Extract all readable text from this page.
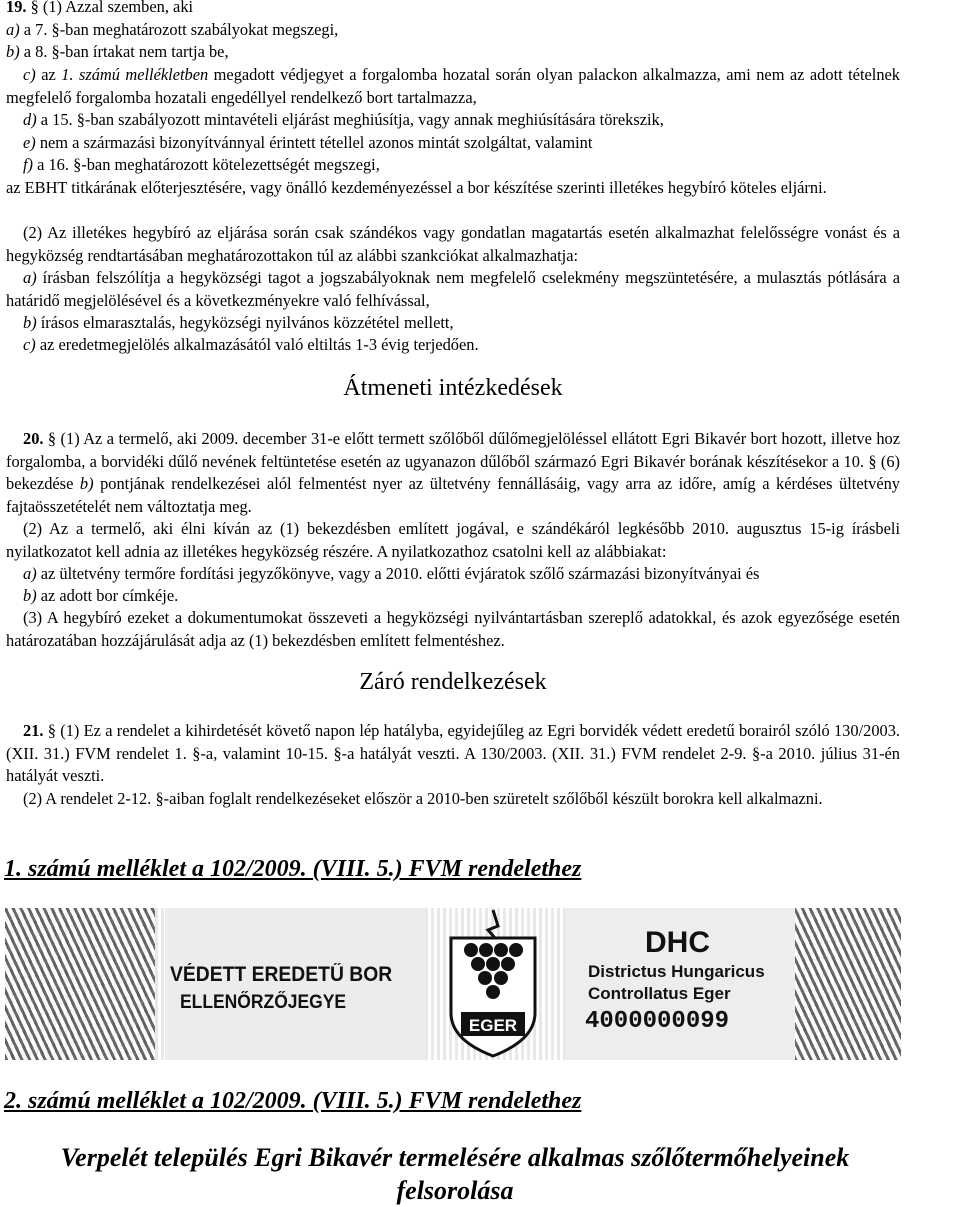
19. § (1) Azzal szemben, aki
a) a 7. §-ban meghatározott szabályokat megszegi,
b) a 8. §-ban írtakat nem tartja be,

c) az 1. számú mellékletben megadott védjegyet a forgalomba hozatal során olyan palackon alkalmazza, ami nem az adott tételnek megfelelő forgalomba hozatali engedéllyel rendelkező bort tartalmazza,

d) a 15. §-ban szabályozott mintavételi eljárást meghiúsítja, vagy annak meghiúsítására törekszik,

e) nem a származási bizonyítvánnyal érintett tétellel azonos mintát szolgáltat, valamint

f) a 16. §-ban meghatározott kötelezettségét megszegi,

az EBHT titkárának előterjesztésére, vagy önálló kezdeményezéssel a bor készítése szerinti illetékes hegybíró köteles eljárni.

(2) Az illetékes hegybíró az eljárása során csak szándékos vagy gondatlan magatartás esetén alkalmazhat felelősségre vonást és a hegyközség rendtartásában meghatározottakon túl az alábbi szankciókat alkalmazhatja:

a) írásban felszólítja a hegyközségi tagot a jogszabályoknak nem megfelelő cselekmény megszüntetésére, a mulasztás pótlására a határidő megjelölésével és a következményekre való felhívással,

b) írásos elmarasztalás, hegyközségi nyilvános közzététel mellett,

c) az eredetmegjelölés alkalmazásától való eltiltás 1-3 évig terjedően.

Átmeneti intézkedések

20. § (1) Az a termelő, aki 2009. december 31-e előtt termett szőlőből dűlőmegjelöléssel ellátott Egri Bikavér bort hozott, illetve hoz forgalomba, a borvidéki dűlő nevének feltüntetése esetén az ugyanazon dűlőből származó Egri Bikavér borának készítésekor a 10. § (6) bekezdése b) pontjának rendelkezései alól felmentést nyer az ültetvény fennállásáig, vagy arra az időre, amíg a kérdéses ültetvény fajtaösszetételét nem változtatja meg.

(2) Az a termelő, aki élni kíván az (1) bekezdésben említett jogával, e szándékáról legkésőbb 2010. augusztus 15-ig írásbeli nyilatkozatot kell adnia az illetékes hegyközség részére. A nyilatkozathoz csatolni kell az alábbiakat:

a) az ültetvény termőre fordítási jegyzőkönyve, vagy a 2010. előtti évjáratok szőlő származási bizonyítványai és

b) az adott bor címkéje.

(3) A hegybíró ezeket a dokumentumokat összeveti a hegyközségi nyilvántartásban szereplő adatokkal, és azok egyezősége esetén határozatában hozzájárulását adja az (1) bekezdésben említett felmentéshez.

Záró rendelkezések

21. § (1) Ez a rendelet a kihirdetését követő napon lép hatályba, egyidejűleg az Egri borvidék védett eredetű borairól szóló 130/2003. (XII. 31.) FVM rendelet 1. §-a, valamint 10-15. §-a hatályát veszti. A 130/2003. (XII. 31.) FVM rendelet 2-9. §-a 2010. július 31-én hatályát veszti.

(2) A rendelet 2-12. §-aiban foglalt rendelkezéseket először a 2010-ben szüretelt szőlőből készült borokra kell alkalmazni.

1. számú melléklet a 102/2009. (VIII. 5.) FVM rendelethez
VÉDETT EREDETŰ BOR
ELLENŐRZŐJEGYE
EGER
DHC
Districtus Hungaricus
Controllatus Eger
4000000099
2. számú melléklet a 102/2009. (VIII. 5.) FVM rendelethez
Verpelét település Egri Bikavér termelésére alkalmas szőlőtermőhelyeinek felsorolása
